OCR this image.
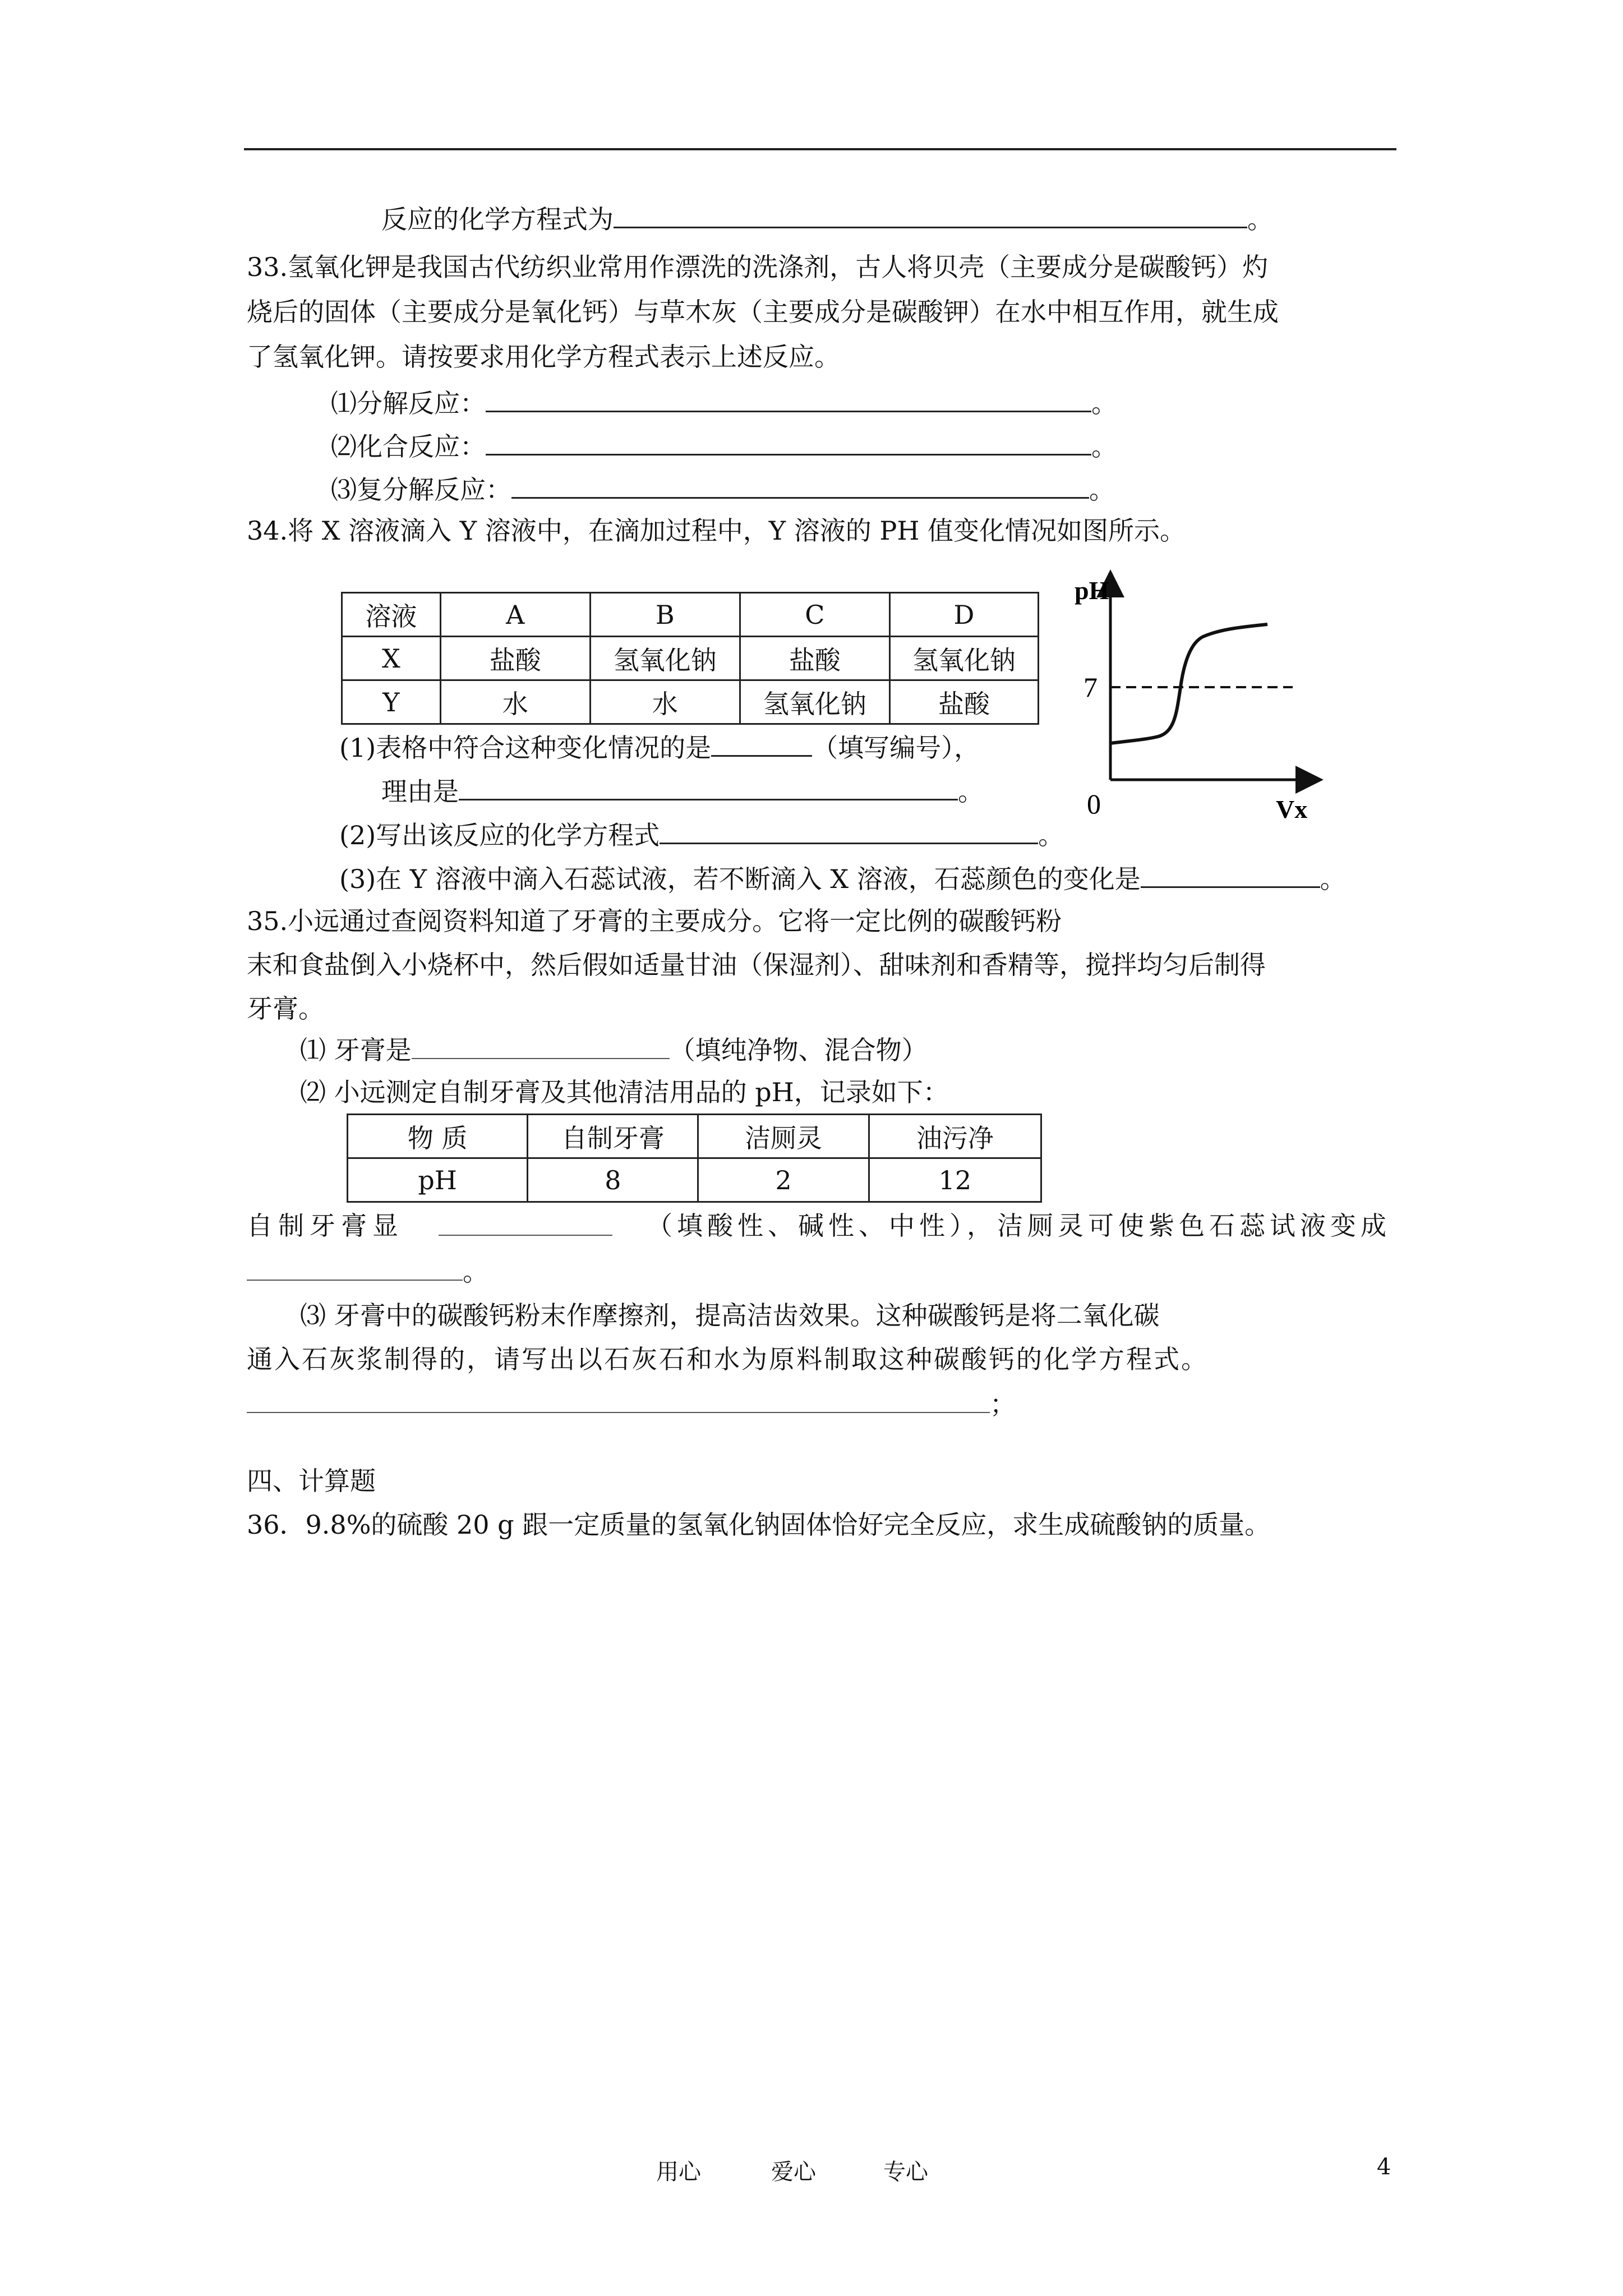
反应的化学方程式为	。
33.氢氧化钾是我国古代纺织业常用作漂洗的洗涤剂，古人将贝壳（主要成分是碳酸钙）灼
烧后的固体（主要成分是氧化钙）与草木灰（主要成分是碳酸钾）在水中相互作用，就生成
了氢氧化钾。请按要求用化学方程式表示上述反应。
⑴分解反应：	。
⑵化合反应：	。
⑶复分解反应：	。
34.将 X 溶液滴入 Y 溶液中，在滴加过程中，Y 溶液的 PH 值变化情况如图所示。
溶液	A	B	C	D
X	盐酸	氢氧化钠	盐酸	氢氧化钠
Y	水	水	氢氧化钠	盐酸
pH
7
0	Vx
(1)表格中符合这种变化情况的是	（填写编号），
理由是	。
(2)写出该反应的化学方程式	。
(3)在 Y 溶液中滴入石蕊试液，若不断滴入 X 溶液，石蕊颜色的变化是	。
35.小远通过查阅资料知道了牙膏的主要成分。它将一定比例的碳酸钙粉
末和食盐倒入小烧杯中，然后假如适量甘油（保湿剂）、甜味剂和香精等，搅拌均匀后制得
牙膏。
⑴ 牙膏是	（填纯净物、混合物）
⑵ 小远测定自制牙膏及其他清洁用品的 pH，记录如下：
物 质	自制牙膏	洁厕灵	油污净
pH	8	2	12
自制牙膏显	（填酸性、碱性、中性），洁厕灵可使紫色石蕊试液变成
。
⑶ 牙膏中的碳酸钙粉末作摩擦剂，提高洁齿效果。这种碳酸钙是将二氧化碳
通入石灰浆制得的，请写出以石灰石和水为原料制取这种碳酸钙的化学方程式。
；
四、计算题
36．9.8%的硫酸 20 g 跟一定质量的氢氧化钠固体恰好完全反应，求生成硫酸钠的质量。
用心	爱心	专心	4
